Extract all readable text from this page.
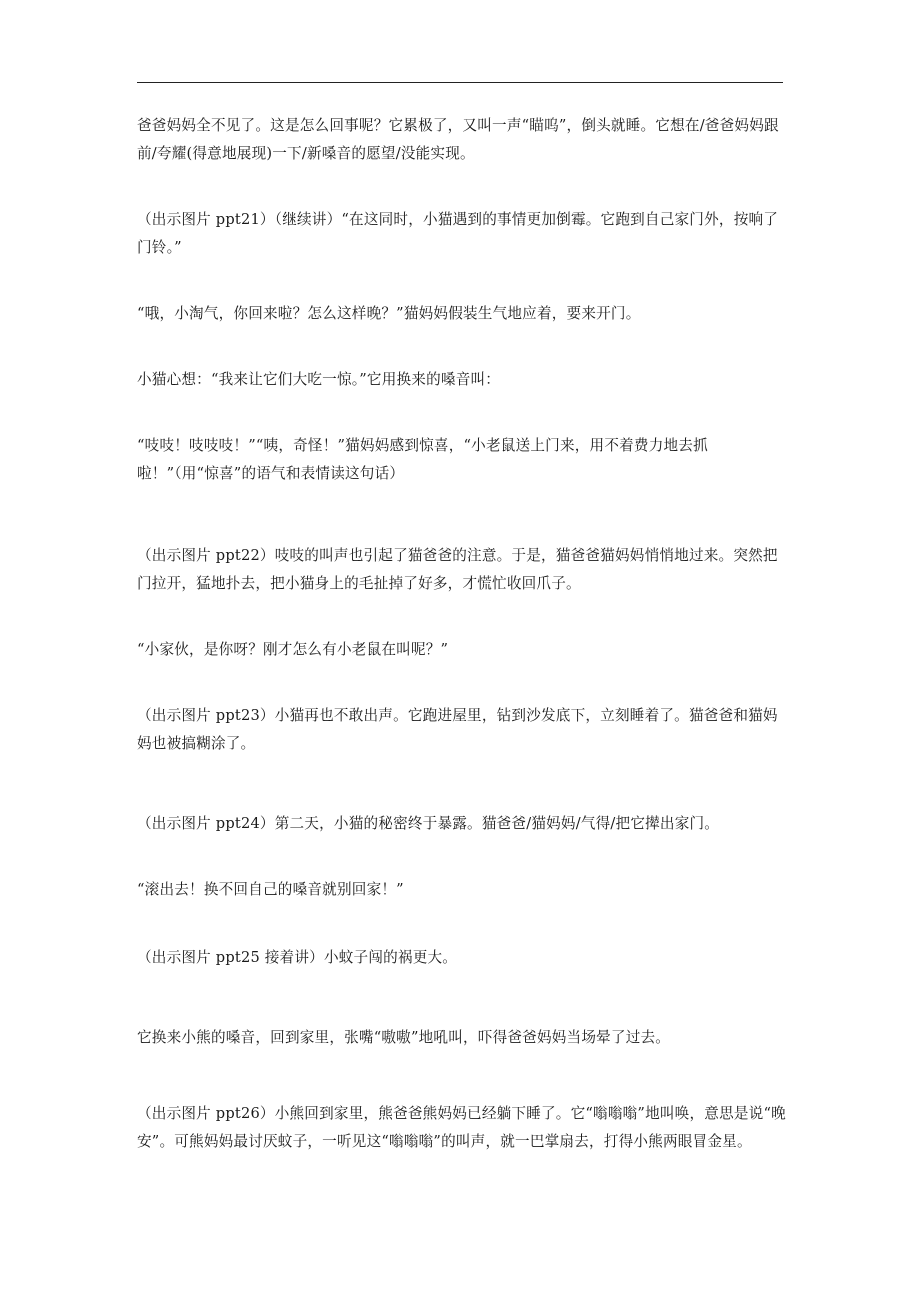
爸爸妈妈全不见了。这是怎么回事呢？它累极了，又叫一声“瞄呜”，倒头就睡。它想在/爸爸妈妈跟前/夸耀(得意地展现)一下/新嗓音的愿望/没能实现。

（出示图片 ppt21）（继续讲）“在这同时，小猫遇到的事情更加倒霉。它跑到自己家门外，按响了门铃。”

“哦，小淘气，你回来啦？怎么这样晚？”猫妈妈假装生气地应着，要来开门。

小猫心想：“我来让它们大吃一惊。”它用换来的嗓音叫：

“吱吱！吱吱吱！”“咦，奇怪！”猫妈妈感到惊喜，“小老鼠送上门来，用不着费力地去抓啦！”（用“惊喜”的语气和表情读这句话）

（出示图片 ppt22）吱吱的叫声也引起了猫爸爸的注意。于是，猫爸爸猫妈妈悄悄地过来。突然把门拉开，猛地扑去，把小猫身上的毛扯掉了好多，才慌忙收回爪子。

“小家伙，是你呀？刚才怎么有小老鼠在叫呢？”

（出示图片 ppt23）小猫再也不敢出声。它跑进屋里，钻到沙发底下，立刻睡着了。猫爸爸和猫妈妈也被搞糊涂了。

（出示图片 ppt24）第二天，小猫的秘密终于暴露。猫爸爸/猫妈妈/气得/把它撵出家门。

“滚出去！换不回自己的嗓音就别回家！”

（出示图片 ppt25 接着讲）小蚊子闯的祸更大。

它换来小熊的嗓音，回到家里，张嘴“嗷嗷”地吼叫，吓得爸爸妈妈当场晕了过去。

（出示图片 ppt26）小熊回到家里，熊爸爸熊妈妈已经躺下睡了。它“嗡嗡嗡”地叫唤，意思是说“晚安”。可熊妈妈最讨厌蚊子，一听见这“嗡嗡嗡”的叫声，就一巴掌扇去，打得小熊两眼冒金星。
